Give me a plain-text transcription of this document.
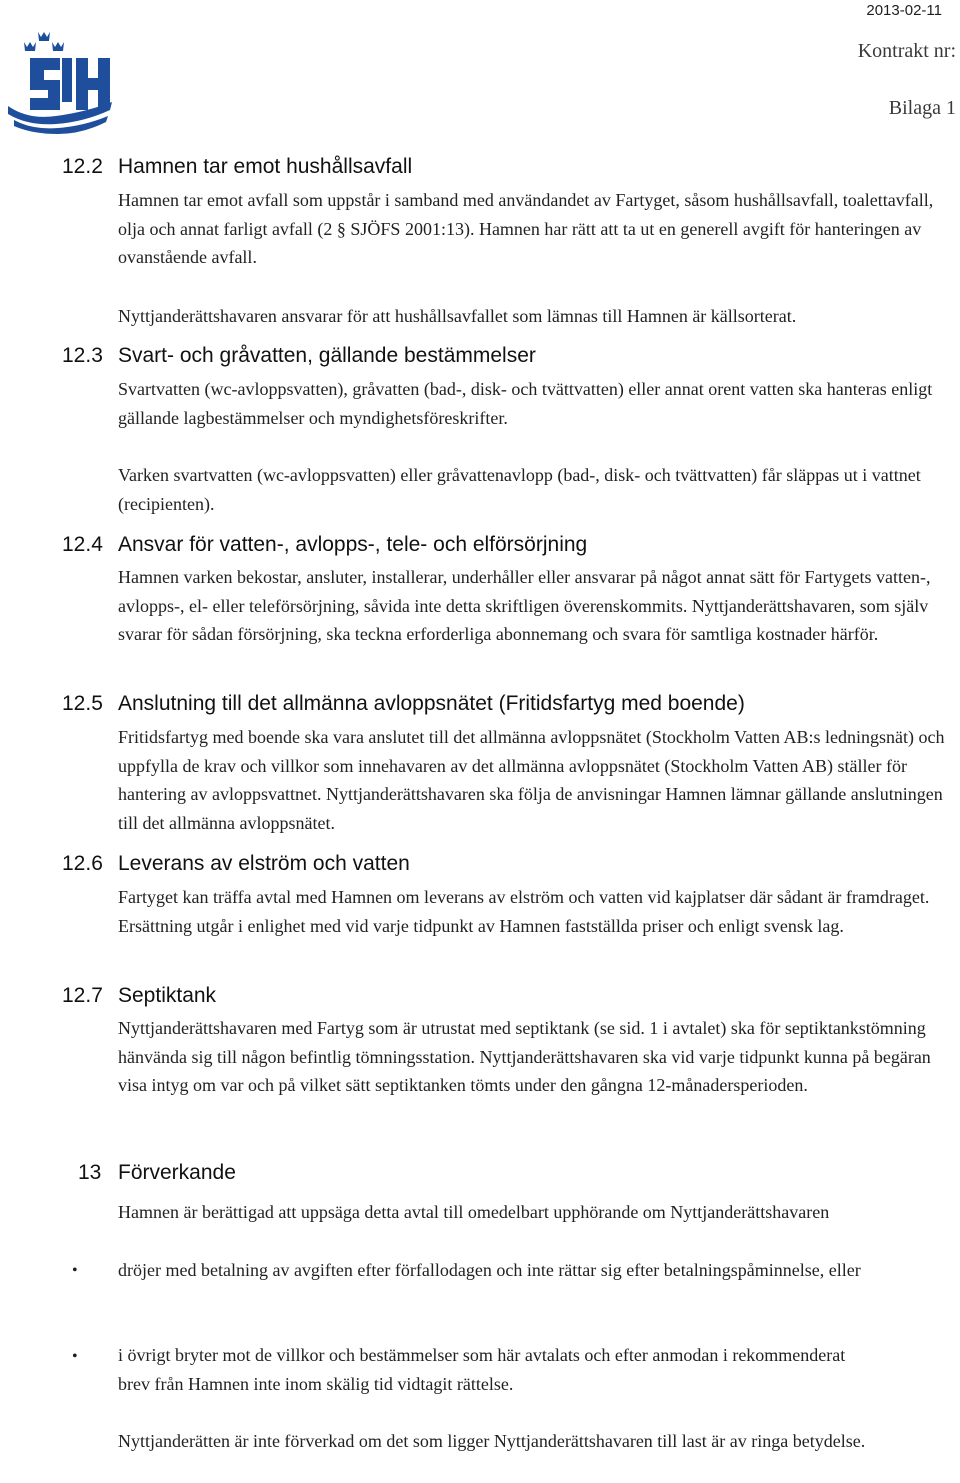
2013-02-11
Kontrakt nr:
Bilaga 1
12.2 Hamnen tar emot hushållsavfall
Hamnen tar emot avfall som uppstår i samband med användandet av Fartyget, såsom hushållsavfall, toalettavfall, olja och annat farligt avfall (2 § SJÖFS 2001:13). Hamnen har rätt att ta ut en generell avgift för hanteringen av ovanstående avfall.
Nyttjanderättshavaren ansvarar för att hushållsavfallet som lämnas till Hamnen är källsorterat.
12.3 Svart- och gråvatten, gällande bestämmelser
Svartvatten (wc-avloppsvatten), gråvatten (bad-, disk- och tvättvatten) eller annat orent vatten ska hanteras enligt gällande lagbestämmelser och myndighetsföreskrifter.
Varken svartvatten (wc-avloppsvatten) eller gråvattenavlopp (bad-, disk- och tvättvatten) får släppas ut i vattnet (recipienten).
12.4 Ansvar för vatten-, avlopps-, tele- och elförsörjning
Hamnen varken bekostar, ansluter, installerar, underhåller eller ansvarar på något annat sätt för Fartygets vatten-, avlopps-, el- eller teleförsörjning, såvida inte detta skriftligen överenskommits. Nyttjanderättshavaren, som själv svarar för sådan försörjning, ska teckna erforderliga abonnemang och svara för samtliga kostnader härför.
12.5 Anslutning till det allmänna avloppsnätet (Fritidsfartyg med boende)
Fritidsfartyg med boende ska vara anslutet till det allmänna avloppsnätet (Stockholm Vatten AB:s ledningsnät) och uppfylla de krav och villkor som innehavaren av det allmänna avloppsnätet (Stockholm Vatten AB) ställer för hantering av avloppsvattnet. Nyttjanderättshavaren ska följa de anvisningar Hamnen lämnar gällande anslutningen till det allmänna avloppsnätet.
12.6 Leverans av elström och vatten
Fartyget kan träffa avtal med Hamnen om leverans av elström och vatten vid kajplatser där sådant är framdraget. Ersättning utgår i enlighet med vid varje tidpunkt av Hamnen fastställda priser och enligt svensk lag.
12.7 Septiktank
Nyttjanderättshavaren med Fartyg som är utrustat med septiktank (se sid. 1 i avtalet) ska för septiktankstömning hänvända sig till någon befintlig tömningsstation. Nyttjanderättshavaren ska vid varje tidpunkt kunna på begäran visa intyg om var och på vilket sätt septiktanken tömts under den gångna 12-månadersperioden.
13 Förverkande
Hamnen är berättigad att uppsäga detta avtal till omedelbart upphörande om Nyttjanderättshavaren
• dröjer med betalning av avgiften efter förfallodagen och inte rättar sig efter betalningspåminnelse, eller
• i övrigt bryter mot de villkor och bestämmelser som här avtalats och efter anmodan i rekommenderat brev från Hamnen inte inom skälig tid vidtagit rättelse.
Nyttjanderätten är inte förverkad om det som ligger Nyttjanderättshavaren till last är av ringa betydelse.
